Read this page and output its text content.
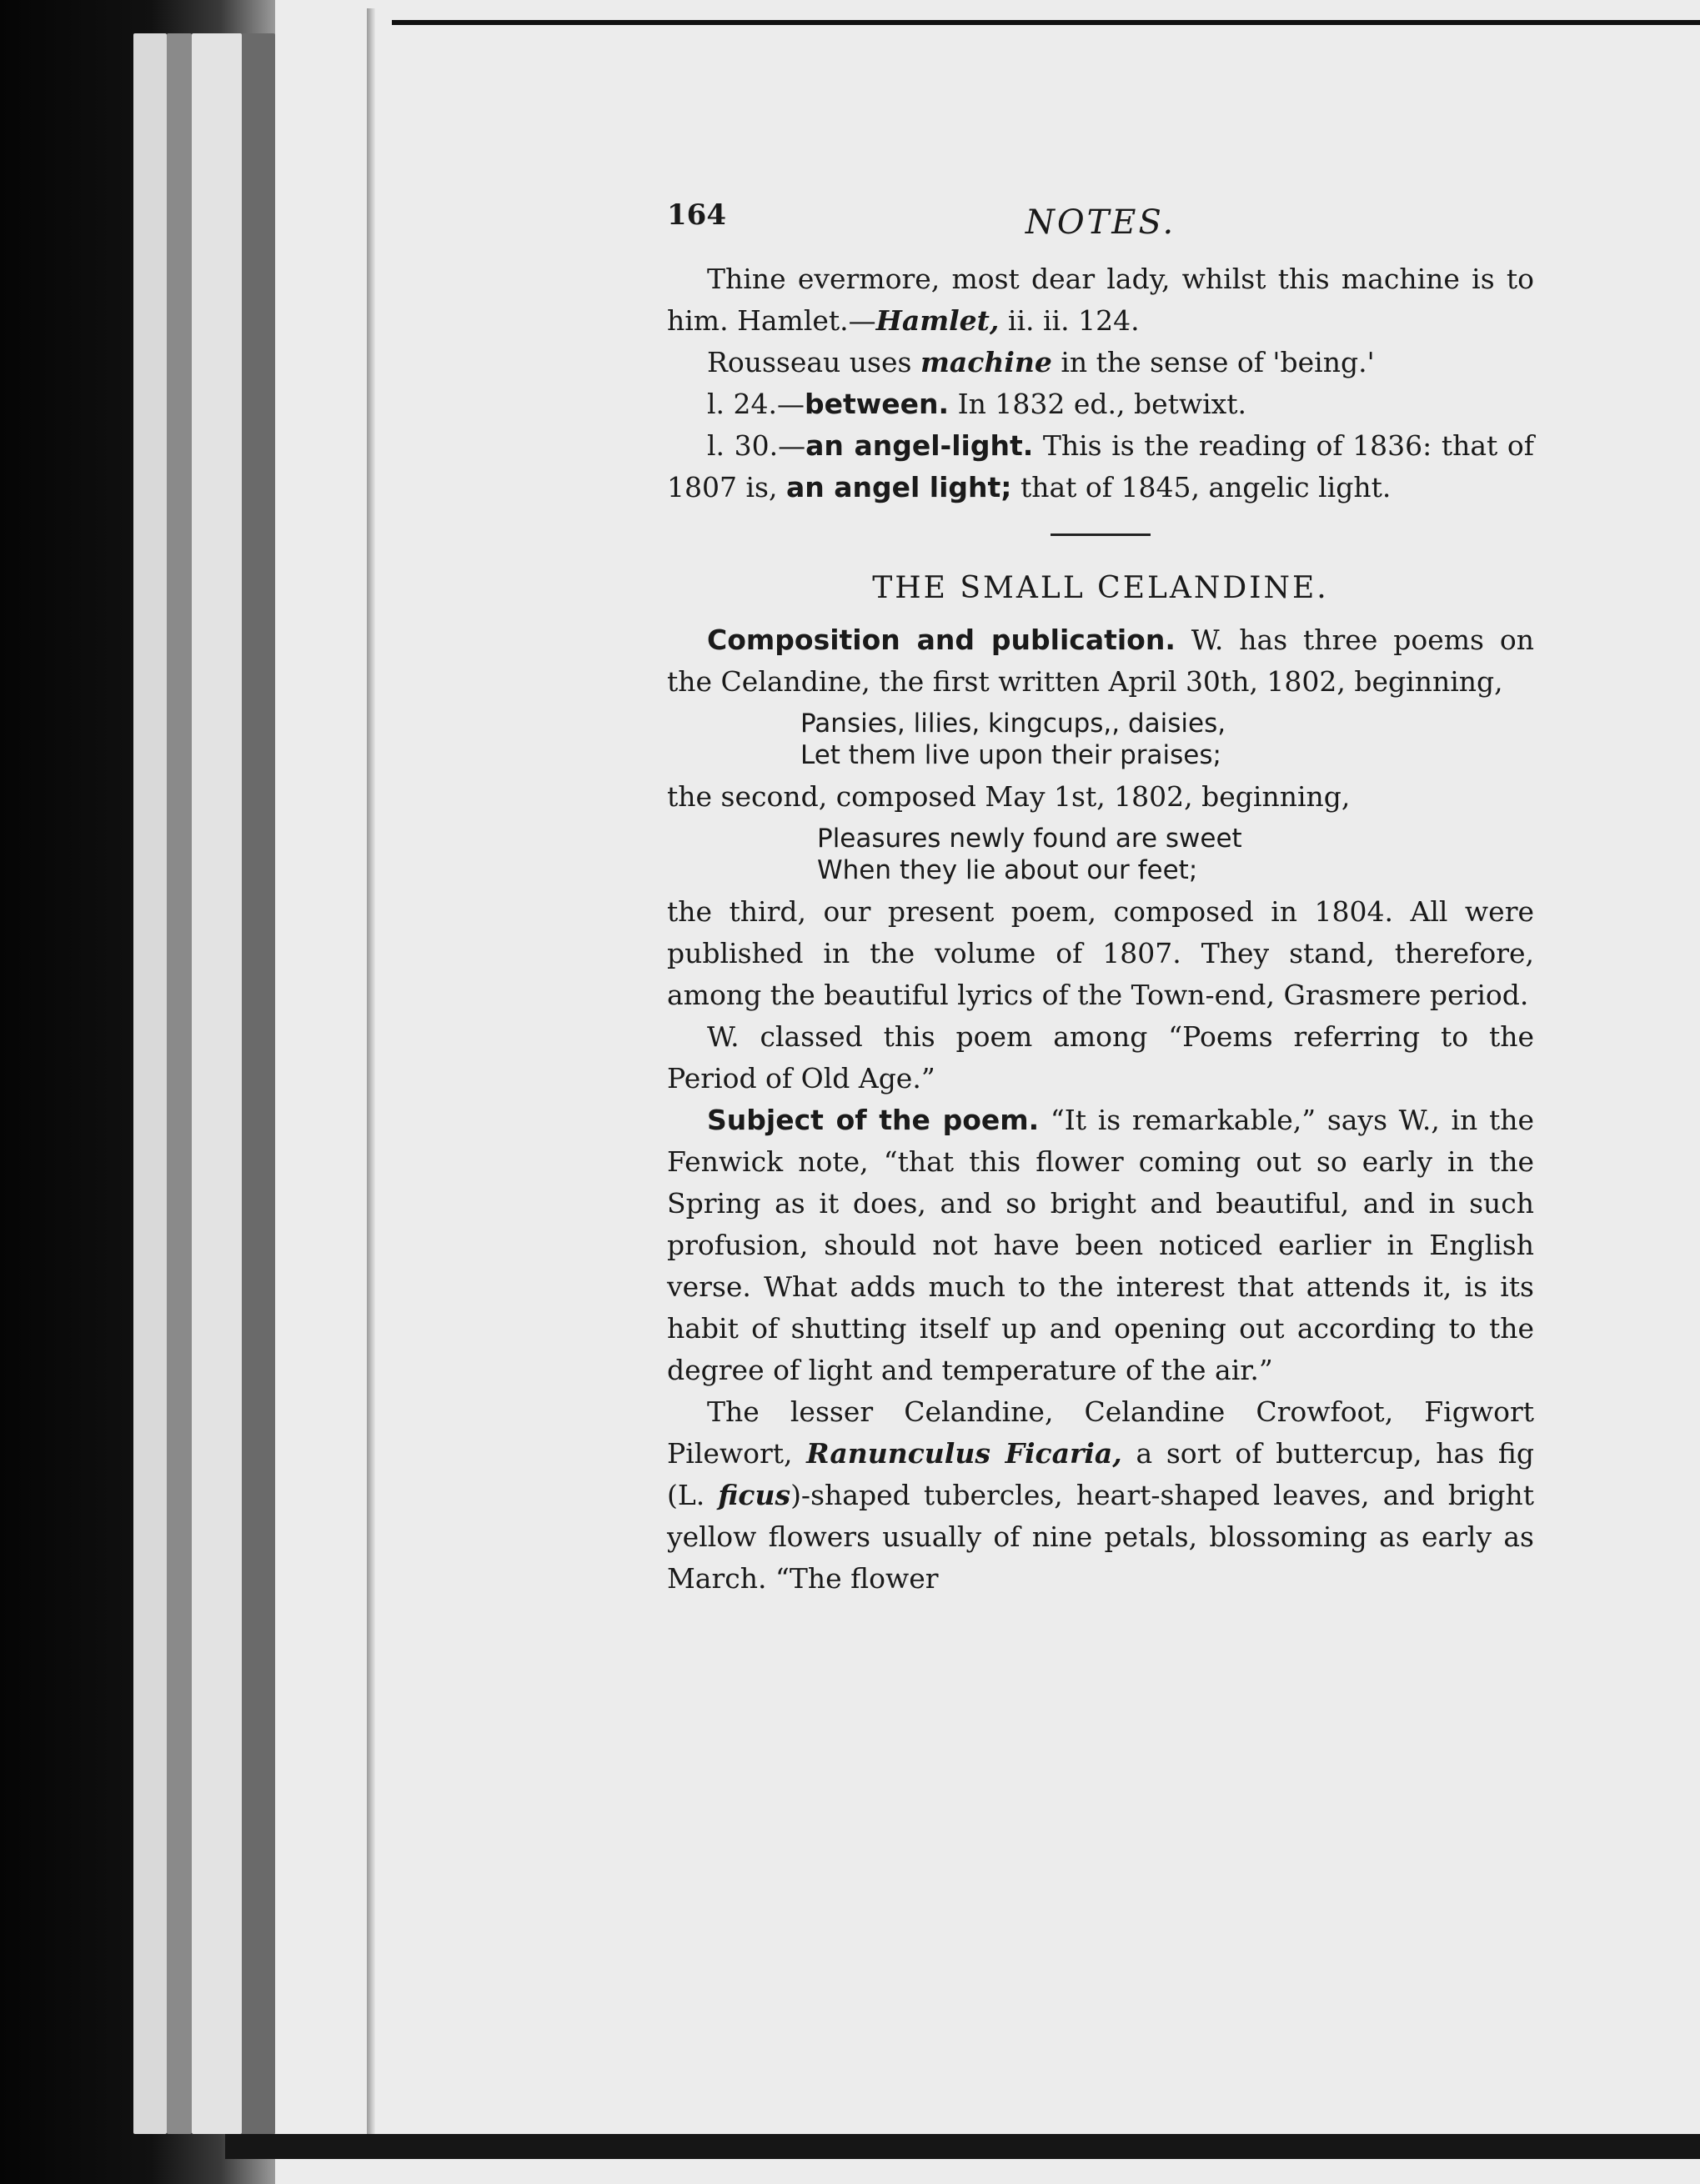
164	NOTES.

Thine evermore, most dear lady, whilst this machine is to him. Hamlet.—Hamlet, ii. ii. 124.

Rousseau uses machine in the sense of 'being.'

l. 24.—between. In 1832 ed., betwixt.

l. 30.—an angel-light. This is the reading of 1836: that of 1807 is, an angel light; that of 1845, angelic light.

THE SMALL CELANDINE.

Composition and publication. W. has three poems on the Celandine, the first written April 30th, 1802, beginning,

Pansies, lilies, kingcups,, daisies,
Let them live upon their praises;

the second, composed May 1st, 1802, beginning,

Pleasures newly found are sweet
When they lie about our feet;

the third, our present poem, composed in 1804. All were published in the volume of 1807. They stand, therefore, among the beautiful lyrics of the Town-end, Grasmere period.

W. classed this poem among “Poems referring to the Period of Old Age.”

Subject of the poem. “It is remarkable,” says W., in the Fenwick note, “that this flower coming out so early in the Spring as it does, and so bright and beautiful, and in such profusion, should not have been noticed earlier in English verse. What adds much to the interest that attends it, is its habit of shutting itself up and opening out according to the degree of light and temperature of the air.”

The lesser Celandine, Celandine Crowfoot, Figwort Pilewort, Ranunculus Ficaria, a sort of buttercup, has fig (L. ficus)-shaped tubercles, heart-shaped leaves, and bright yellow flowers usually of nine petals, blossoming as early as March. “The flower
